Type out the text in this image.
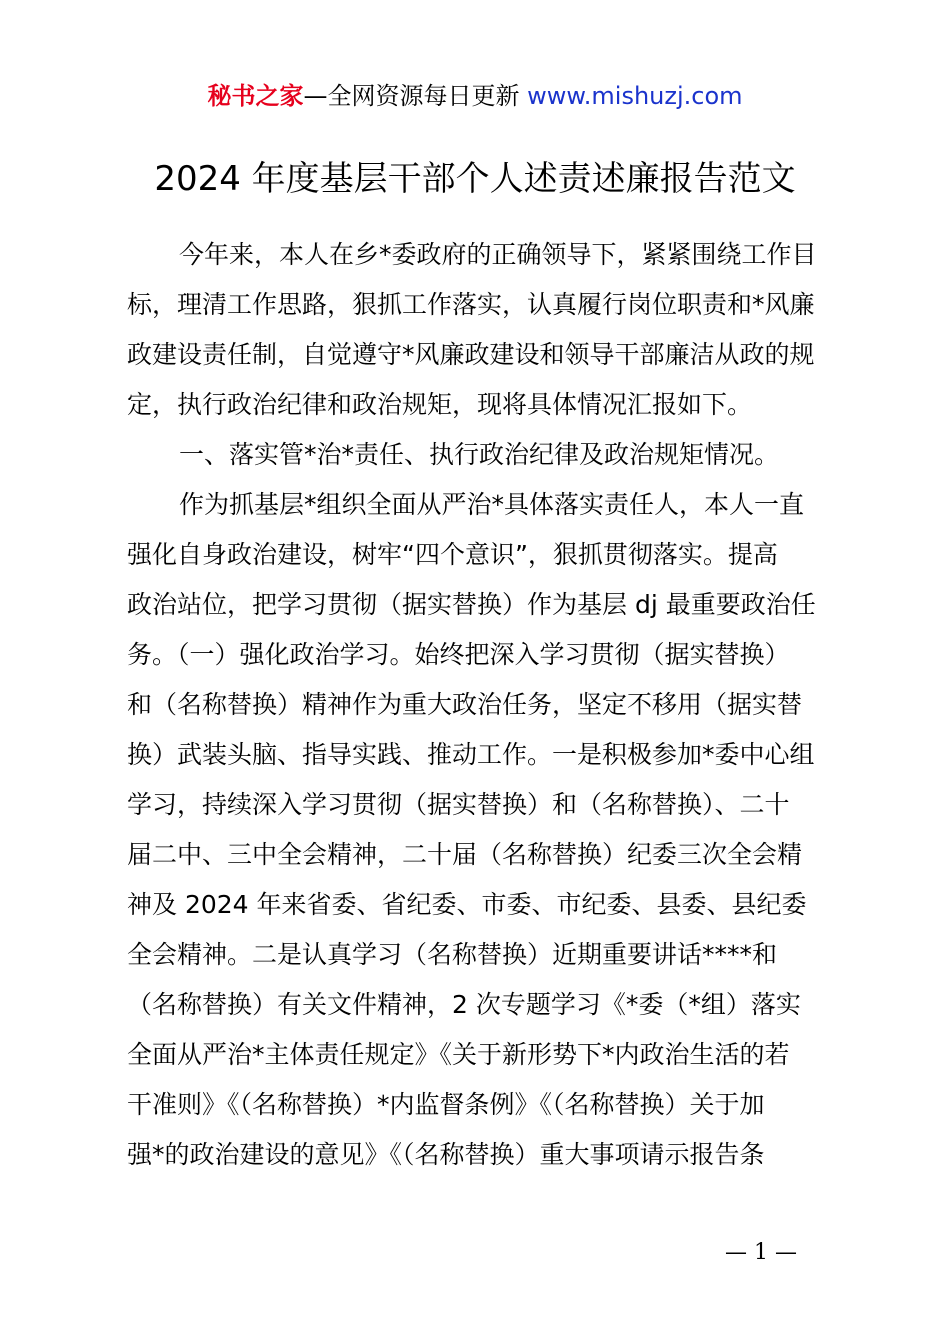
秘书之家—全网资源每日更新 www.mishuzj.com
2024 年度基层干部个人述责述廉报告范文
今年来，本人在乡*委政府的正确领导下，紧紧围绕工作目
标，理清工作思路，狠抓工作落实，认真履行岗位职责和*风廉
政建设责任制，自觉遵守*风廉政建设和领导干部廉洁从政的规
定，执行政治纪律和政治规矩，现将具体情况汇报如下。
一、落实管*治*责任、执行政治纪律及政治规矩情况。
作为抓基层*组织全面从严治*具体落实责任人，本人一直
强化自身政治建设，树牢“四个意识”，狠抓贯彻落实。提高
政治站位，把学习贯彻（据实替换）作为基层 dj 最重要政治任
务。（一）强化政治学习。始终把深入学习贯彻（据实替换）
和（名称替换）精神作为重大政治任务，坚定不移用（据实替
换）武装头脑、指导实践、推动工作。一是积极参加*委中心组
学习，持续深入学习贯彻（据实替换）和（名称替换）、二十
届二中、三中全会精神，二十届（名称替换）纪委三次全会精
神及 2024 年来省委、省纪委、市委、市纪委、县委、县纪委
全会精神。二是认真学习（名称替换）近期重要讲话****和
（名称替换）有关文件精神，2 次专题学习《*委（*组）落实
全面从严治*主体责任规定》《关于新形势下*内政治生活的若
干准则》《（名称替换）*内监督条例》《（名称替换）关于加
强*的政治建设的意见》《（名称替换）重大事项请示报告条
— 1 —
